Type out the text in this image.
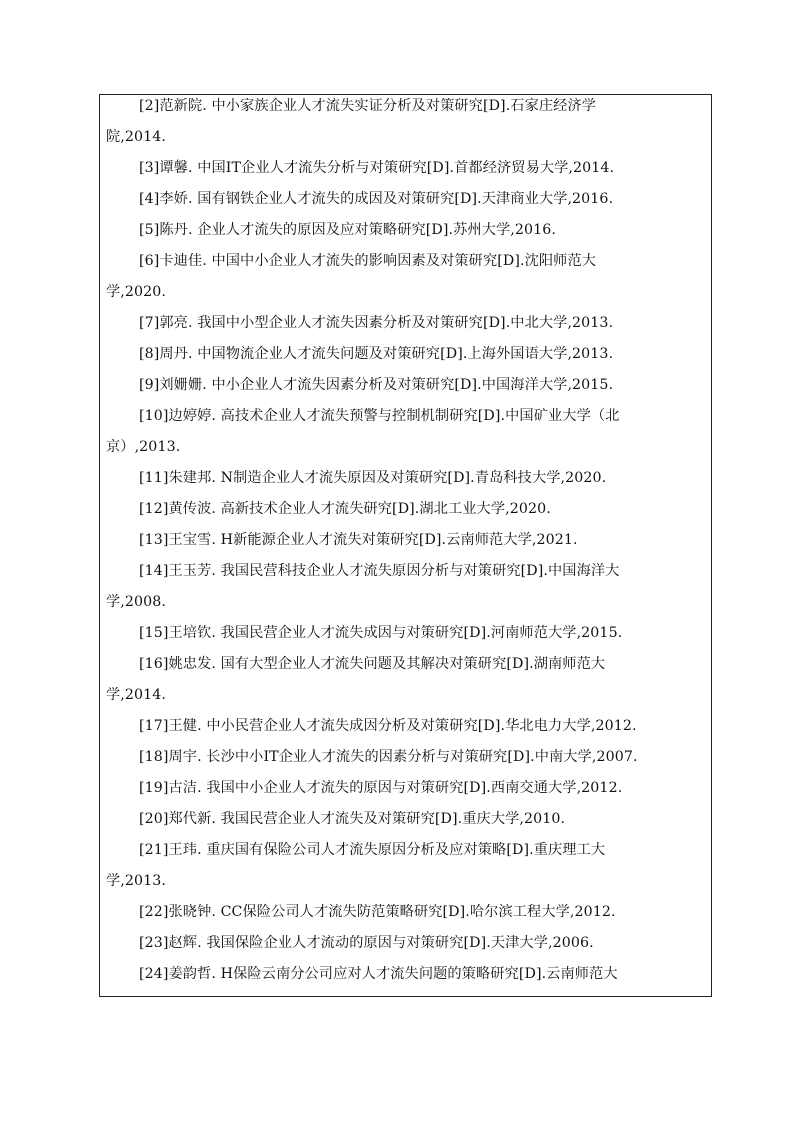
[2]范新院. 中小家族企业人才流失实证分析及对策研究[D].石家庄经济学
院,2014.
[3]谭馨. 中国IT企业人才流失分析与对策研究[D].首都经济贸易大学,2014.
[4]李娇. 国有钢铁企业人才流失的成因及对策研究[D].天津商业大学,2016.
[5]陈丹. 企业人才流失的原因及应对策略研究[D].苏州大学,2016.
[6]卡迪佳. 中国中小企业人才流失的影响因素及对策研究[D].沈阳师范大
学,2020.
[7]郭亮. 我国中小型企业人才流失因素分析及对策研究[D].中北大学,2013.
[8]周丹. 中国物流企业人才流失问题及对策研究[D].上海外国语大学,2013.
[9]刘姗姗. 中小企业人才流失因素分析及对策研究[D].中国海洋大学,2015.
[10]边婷婷. 高技术企业人才流失预警与控制机制研究[D].中国矿业大学（北
京）,2013.
[11]朱建邦. N制造企业人才流失原因及对策研究[D].青岛科技大学,2020.
[12]黄传波. 高新技术企业人才流失研究[D].湖北工业大学,2020.
[13]王宝雪. H新能源企业人才流失对策研究[D].云南师范大学,2021.
[14]王玉芳. 我国民营科技企业人才流失原因分析与对策研究[D].中国海洋大
学,2008.
[15]王培钦. 我国民营企业人才流失成因与对策研究[D].河南师范大学,2015.
[16]姚忠发. 国有大型企业人才流失问题及其解决对策研究[D].湖南师范大
学,2014.
[17]王健. 中小民营企业人才流失成因分析及对策研究[D].华北电力大学,2012.
[18]周宇. 长沙中小IT企业人才流失的因素分析与对策研究[D].中南大学,2007.
[19]古洁. 我国中小企业人才流失的原因与对策研究[D].西南交通大学,2012.
[20]郑代新. 我国民营企业人才流失及对策研究[D].重庆大学,2010.
[21]王玮. 重庆国有保险公司人才流失原因分析及应对策略[D].重庆理工大
学,2013.
[22]张晓钟. CC保险公司人才流失防范策略研究[D].哈尔滨工程大学,2012.
[23]赵辉. 我国保险企业人才流动的原因与对策研究[D].天津大学,2006.
[24]姜韵哲. H保险云南分公司应对人才流失问题的策略研究[D].云南师范大
